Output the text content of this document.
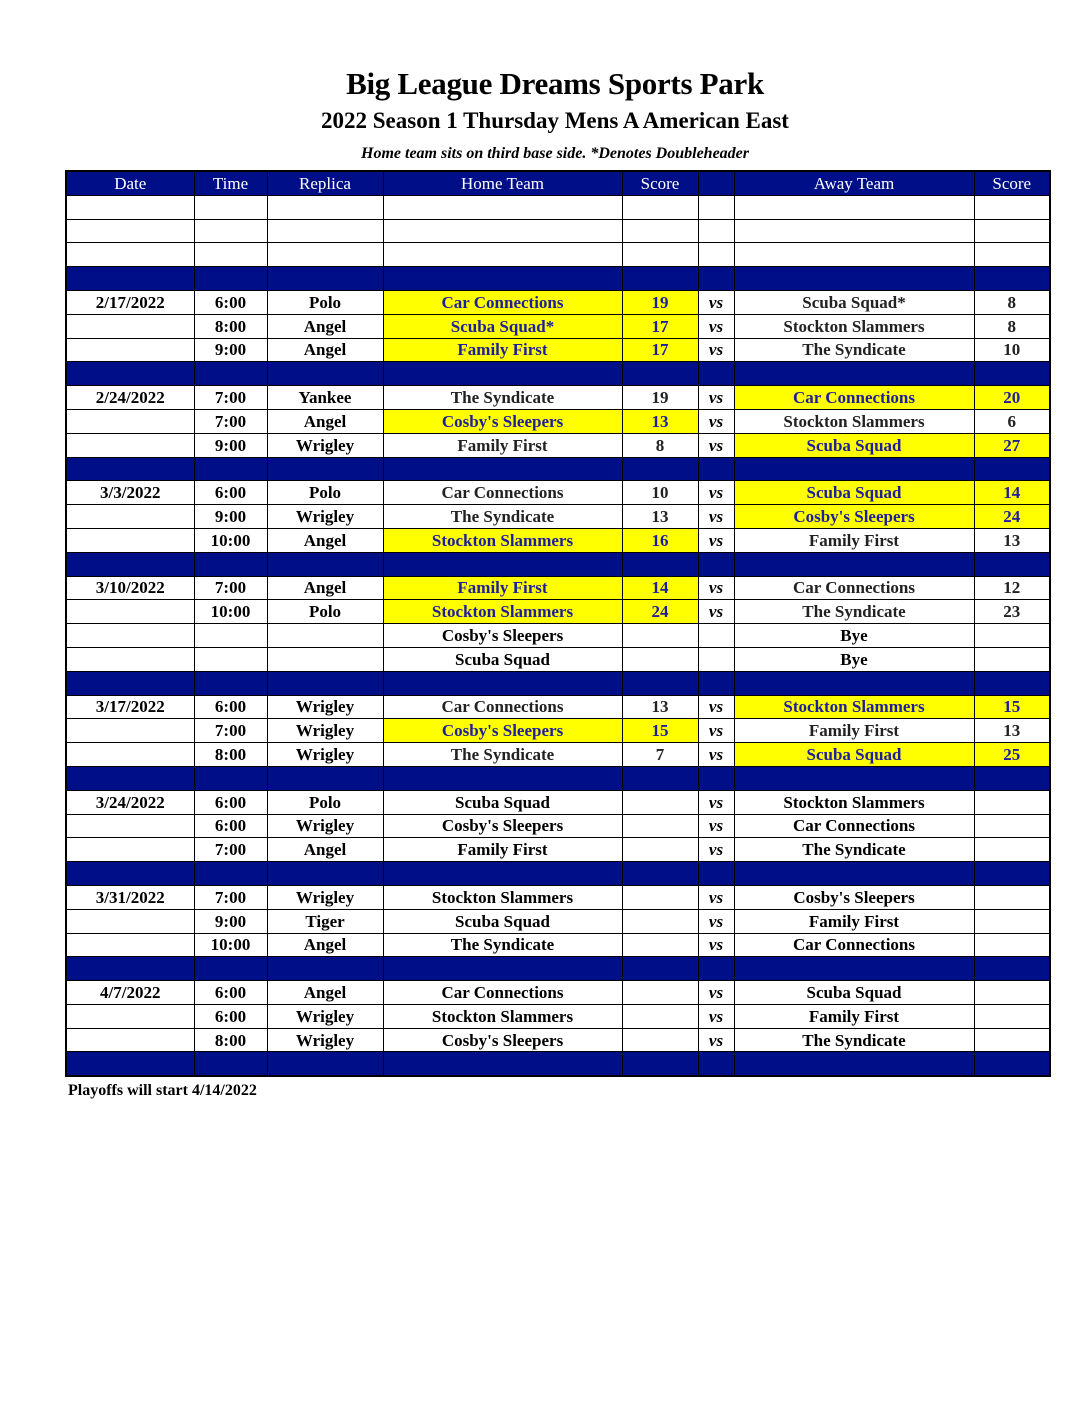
Big League Dreams Sports Park
2022 Season 1 Thursday Mens A American East
Home team sits on third base side. *Denotes Doubleheader
Date	Time	Replica	Home Team	Score		Away Team	Score

2/17/2022	6:00	Polo	Car Connections	19	vs	Scuba Squad*	8
	8:00	Angel	Scuba Squad*	17	vs	Stockton Slammers	8
	9:00	Angel	Family First	17	vs	The Syndicate	10

2/24/2022	7:00	Yankee	The Syndicate	19	vs	Car Connections	20
	7:00	Angel	Cosby's Sleepers	13	vs	Stockton Slammers	6
	9:00	Wrigley	Family First	8	vs	Scuba Squad	27

3/3/2022	6:00	Polo	Car Connections	10	vs	Scuba Squad	14
	9:00	Wrigley	The Syndicate	13	vs	Cosby's Sleepers	24
	10:00	Angel	Stockton Slammers	16	vs	Family First	13

3/10/2022	7:00	Angel	Family First	14	vs	Car Connections	12
	10:00	Polo	Stockton Slammers	24	vs	The Syndicate	23
			Cosby's Sleepers			Bye	
			Scuba Squad			Bye	

3/17/2022	6:00	Wrigley	Car Connections	13	vs	Stockton Slammers	15
	7:00	Wrigley	Cosby's Sleepers	15	vs	Family First	13
	8:00	Wrigley	The Syndicate	7	vs	Scuba Squad	25

3/24/2022	6:00	Polo	Scuba Squad		vs	Stockton Slammers	
	6:00	Wrigley	Cosby's Sleepers		vs	Car Connections	
	7:00	Angel	Family First		vs	The Syndicate	

3/31/2022	7:00	Wrigley	Stockton Slammers		vs	Cosby's Sleepers	
	9:00	Tiger	Scuba Squad		vs	Family First	
	10:00	Angel	The Syndicate		vs	Car Connections	

4/7/2022	6:00	Angel	Car Connections		vs	Scuba Squad	
	6:00	Wrigley	Stockton Slammers		vs	Family First	
	8:00	Wrigley	Cosby's Sleepers		vs	The Syndicate	

Playoffs will start 4/14/2022
